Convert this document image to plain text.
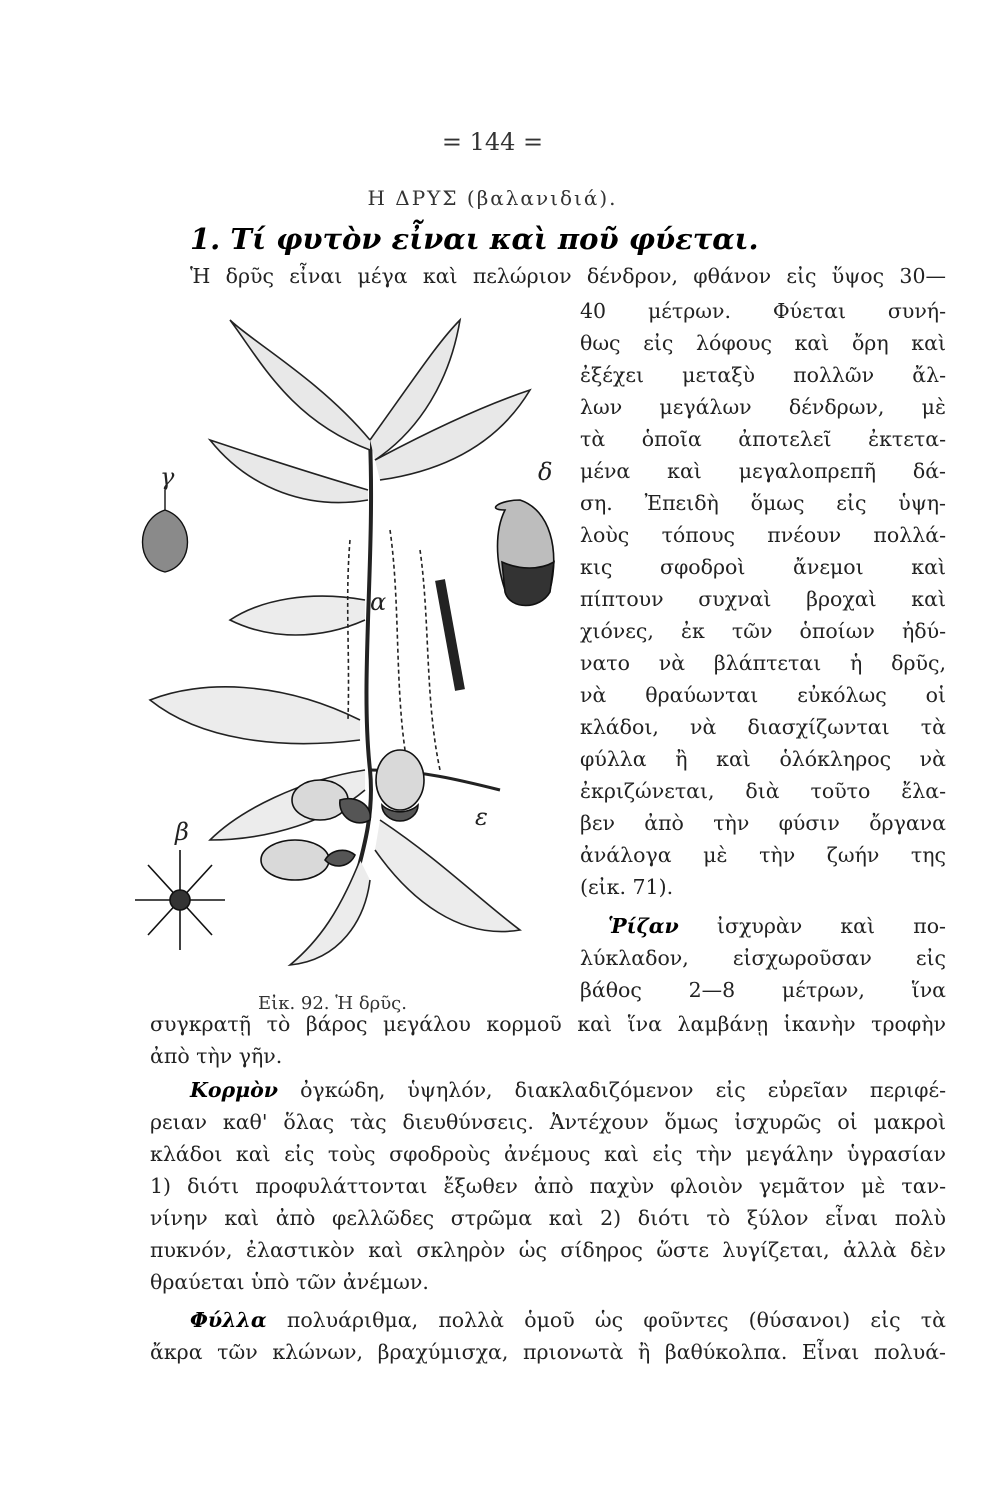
= 144 =
Η ΔΡΥΣ (βαλανιδιά).
1. Τί φυτὸν εἶναι καὶ ποῦ φύεται.
γ	δ
α
β
ε
Εἰκ. 92. Ἡ δρῦς.
Ἡ δρῦς εἶναι μέγα καὶ πελώριον δένδρον, φθάνον εἰς ὕψος 30—
40 μέτρων. Φύεται συνή-
θως εἰς λόφους καὶ ὄρη καὶ
ἐξέχει μεταξὺ πολλῶν ἄλ-
λων μεγάλων δένδρων, μὲ
τὰ ὁποῖα ἀποτελεῖ ἐκτετα-
μένα καὶ μεγαλοπρεπῆ δά-
ση. Ἐπειδὴ ὅμως εἰς ὑψη-
λοὺς τόπους πνέουν πολλά-
κις σφοδροὶ ἄνεμοι καὶ
πίπτουν συχναὶ βροχαὶ καὶ
χιόνες, ἐκ τῶν ὁποίων ἠδύ-
νατο νὰ βλάπτεται ἡ δρῦς,
νὰ θραύωνται εὐκόλως οἱ
κλάδοι, νὰ διασχίζωνται τὰ
φύλλα ἢ καὶ ὁλόκληρος νὰ
ἐκριζώνεται, διὰ τοῦτο ἔλα-
βεν ἀπὸ τὴν φύσιν ὄργανα
ἀνάλογα μὲ τὴν ζωήν της
(εἰκ. 71).
Ῥίζαν ἰσχυρὰν καὶ πο-
λύκλαδον, εἰσχωροῦσαν εἰς
βάθος 2—8 μέτρων, ἵνα
συγκρατῇ τὸ βάρος μεγάλου κορμοῦ καὶ ἵνα λαμβάνῃ ἱκανὴν τροφὴν
ἀπὸ τὴν γῆν.
Κορμὸν ὀγκώδη, ὑψηλόν, διακλαδιζόμενον εἰς εὐρεῖαν περιφέ-
ρειαν καθ' ὅλας τὰς διευθύνσεις. Ἀντέχουν ὅμως ἰσχυρῶς οἱ μακροὶ
κλάδοι καὶ εἰς τοὺς σφοδροὺς ἀνέμους καὶ εἰς τὴν μεγάλην ὑγρασίαν
1) διότι προφυλάττονται ἔξωθεν ἀπὸ παχὺν φλοιὸν γεμᾶτον μὲ ταν-
νίνην καὶ ἀπὸ φελλῶδες στρῶμα καὶ 2) διότι τὸ ξύλον εἶναι πολὺ
πυκνόν, ἐλαστικὸν καὶ σκληρὸν ὡς σίδηρος ὥστε λυγίζεται, ἀλλὰ δὲν
θραύεται ὑπὸ τῶν ἀνέμων.
Φύλλα πολυάριθμα, πολλὰ ὁμοῦ ὡς φοῦντες (θύσανοι) εἰς τὰ
ἄκρα τῶν κλώνων, βραχύμισχα, πριονωτὰ ἢ βαθύκολπα. Εἶναι πολυά-
